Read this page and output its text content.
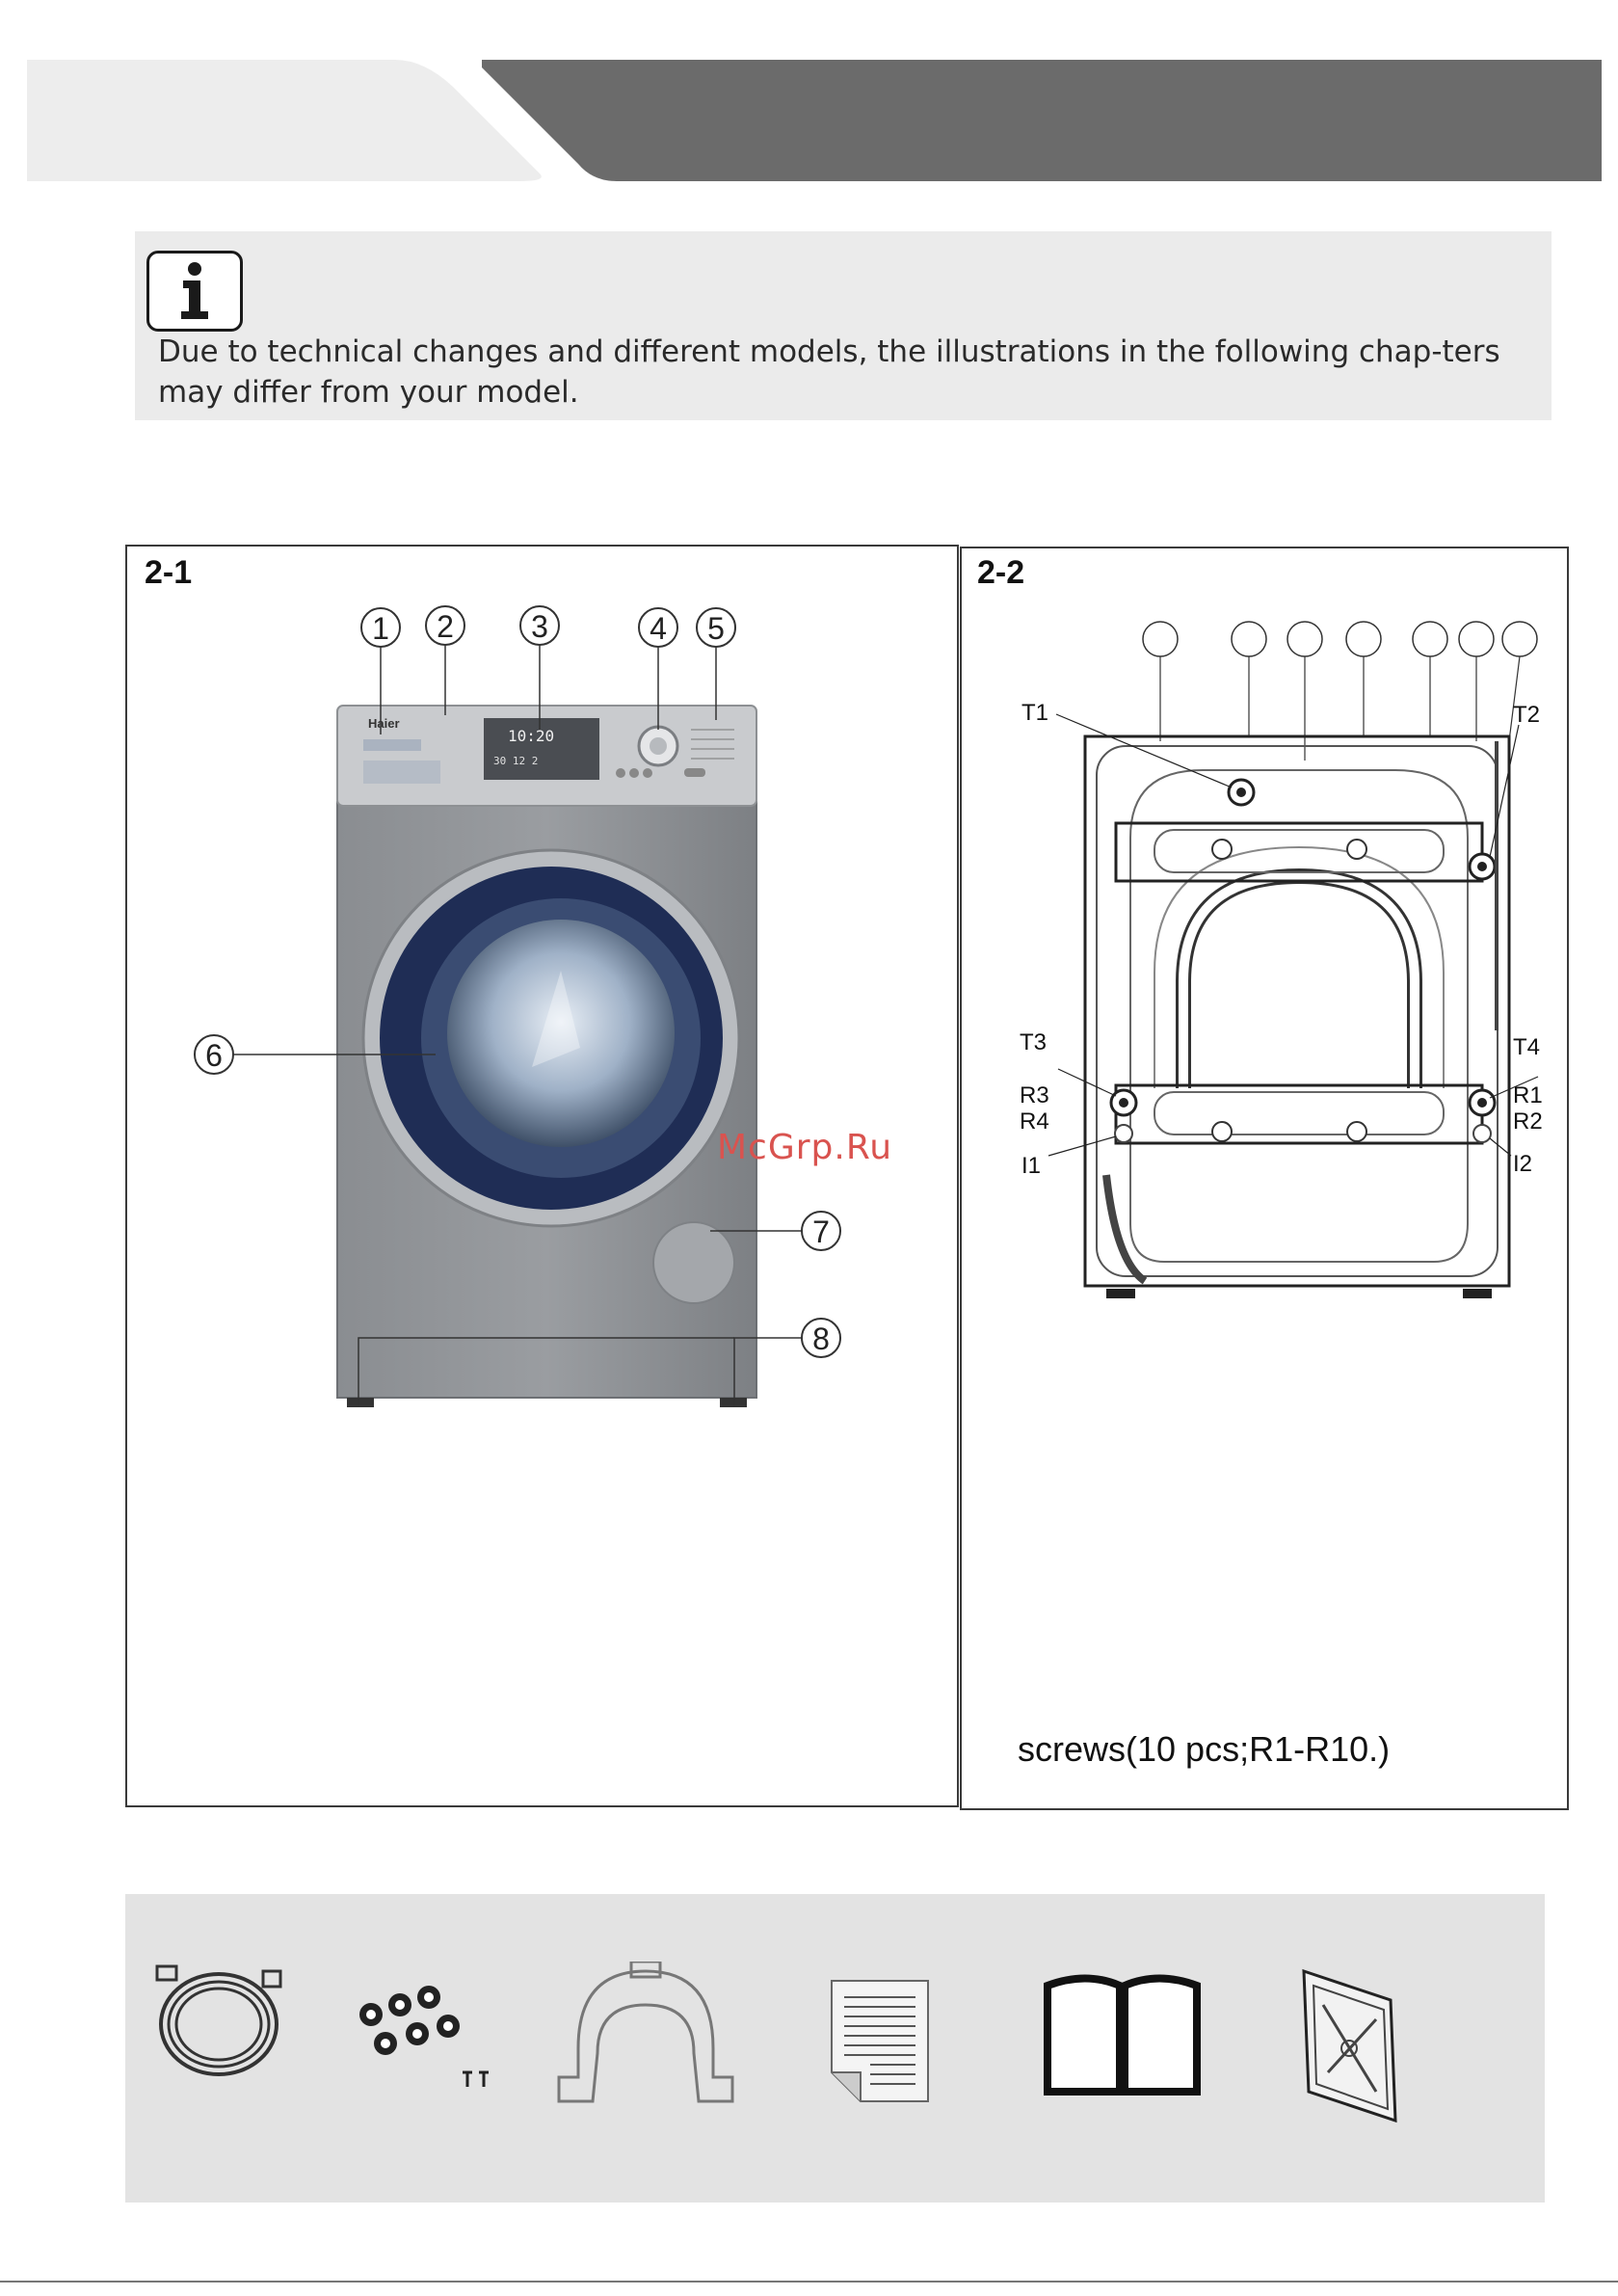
Due to technical changes and different models, the illustrations in the following chap-ters may differ from your model.

2-1
Haier
10:20
30 12 2
1 2	3	4 5
6
7
8
2-2
T1	T2
T3	T4
R3
R4
R1
R2
I1	I2
screws(10 pcs;R1-R10.)
McGrp.Ru
